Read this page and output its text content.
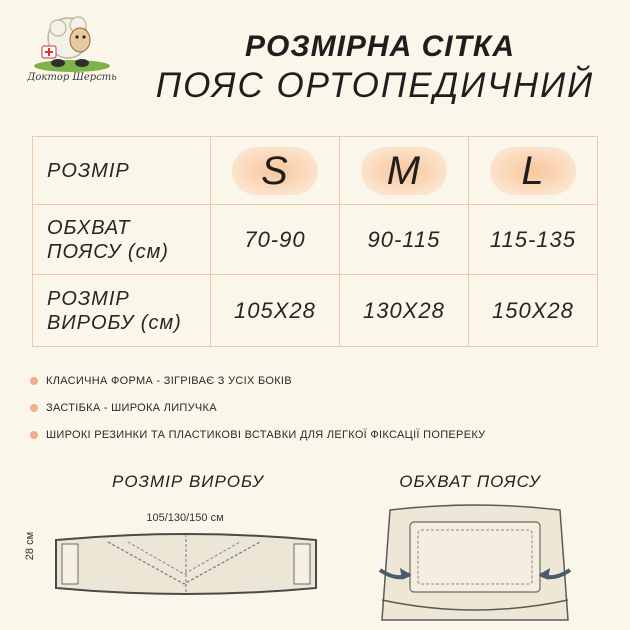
Доктор Шерсть
РОЗМІРНА СІТКА
ПОЯС ОРТОПЕДИЧНИЙ
РОЗМІР	S	M	L

ОБХВАТ
ПОЯСУ (см)	70-90	90-115	115-135

РОЗМІР
ВИРОБУ (см)	105Х28	130Х28	150Х28
КЛАСИЧНА ФОРМА - ЗІГРІВАЄ З УСІХ БОКІВ
ЗАСТІБКА - ШИРОКА ЛИПУЧКА
ШИРОКІ РЕЗИНКИ ТА ПЛАСТИКОВІ ВСТАВКИ ДЛЯ ЛЕГКОЇ ФІКСАЦІЇ ПОПЕРЕКУ
РОЗМІР ВИРОБУ	ОБХВАТ ПОЯСУ
105/130/150 см
28 см
